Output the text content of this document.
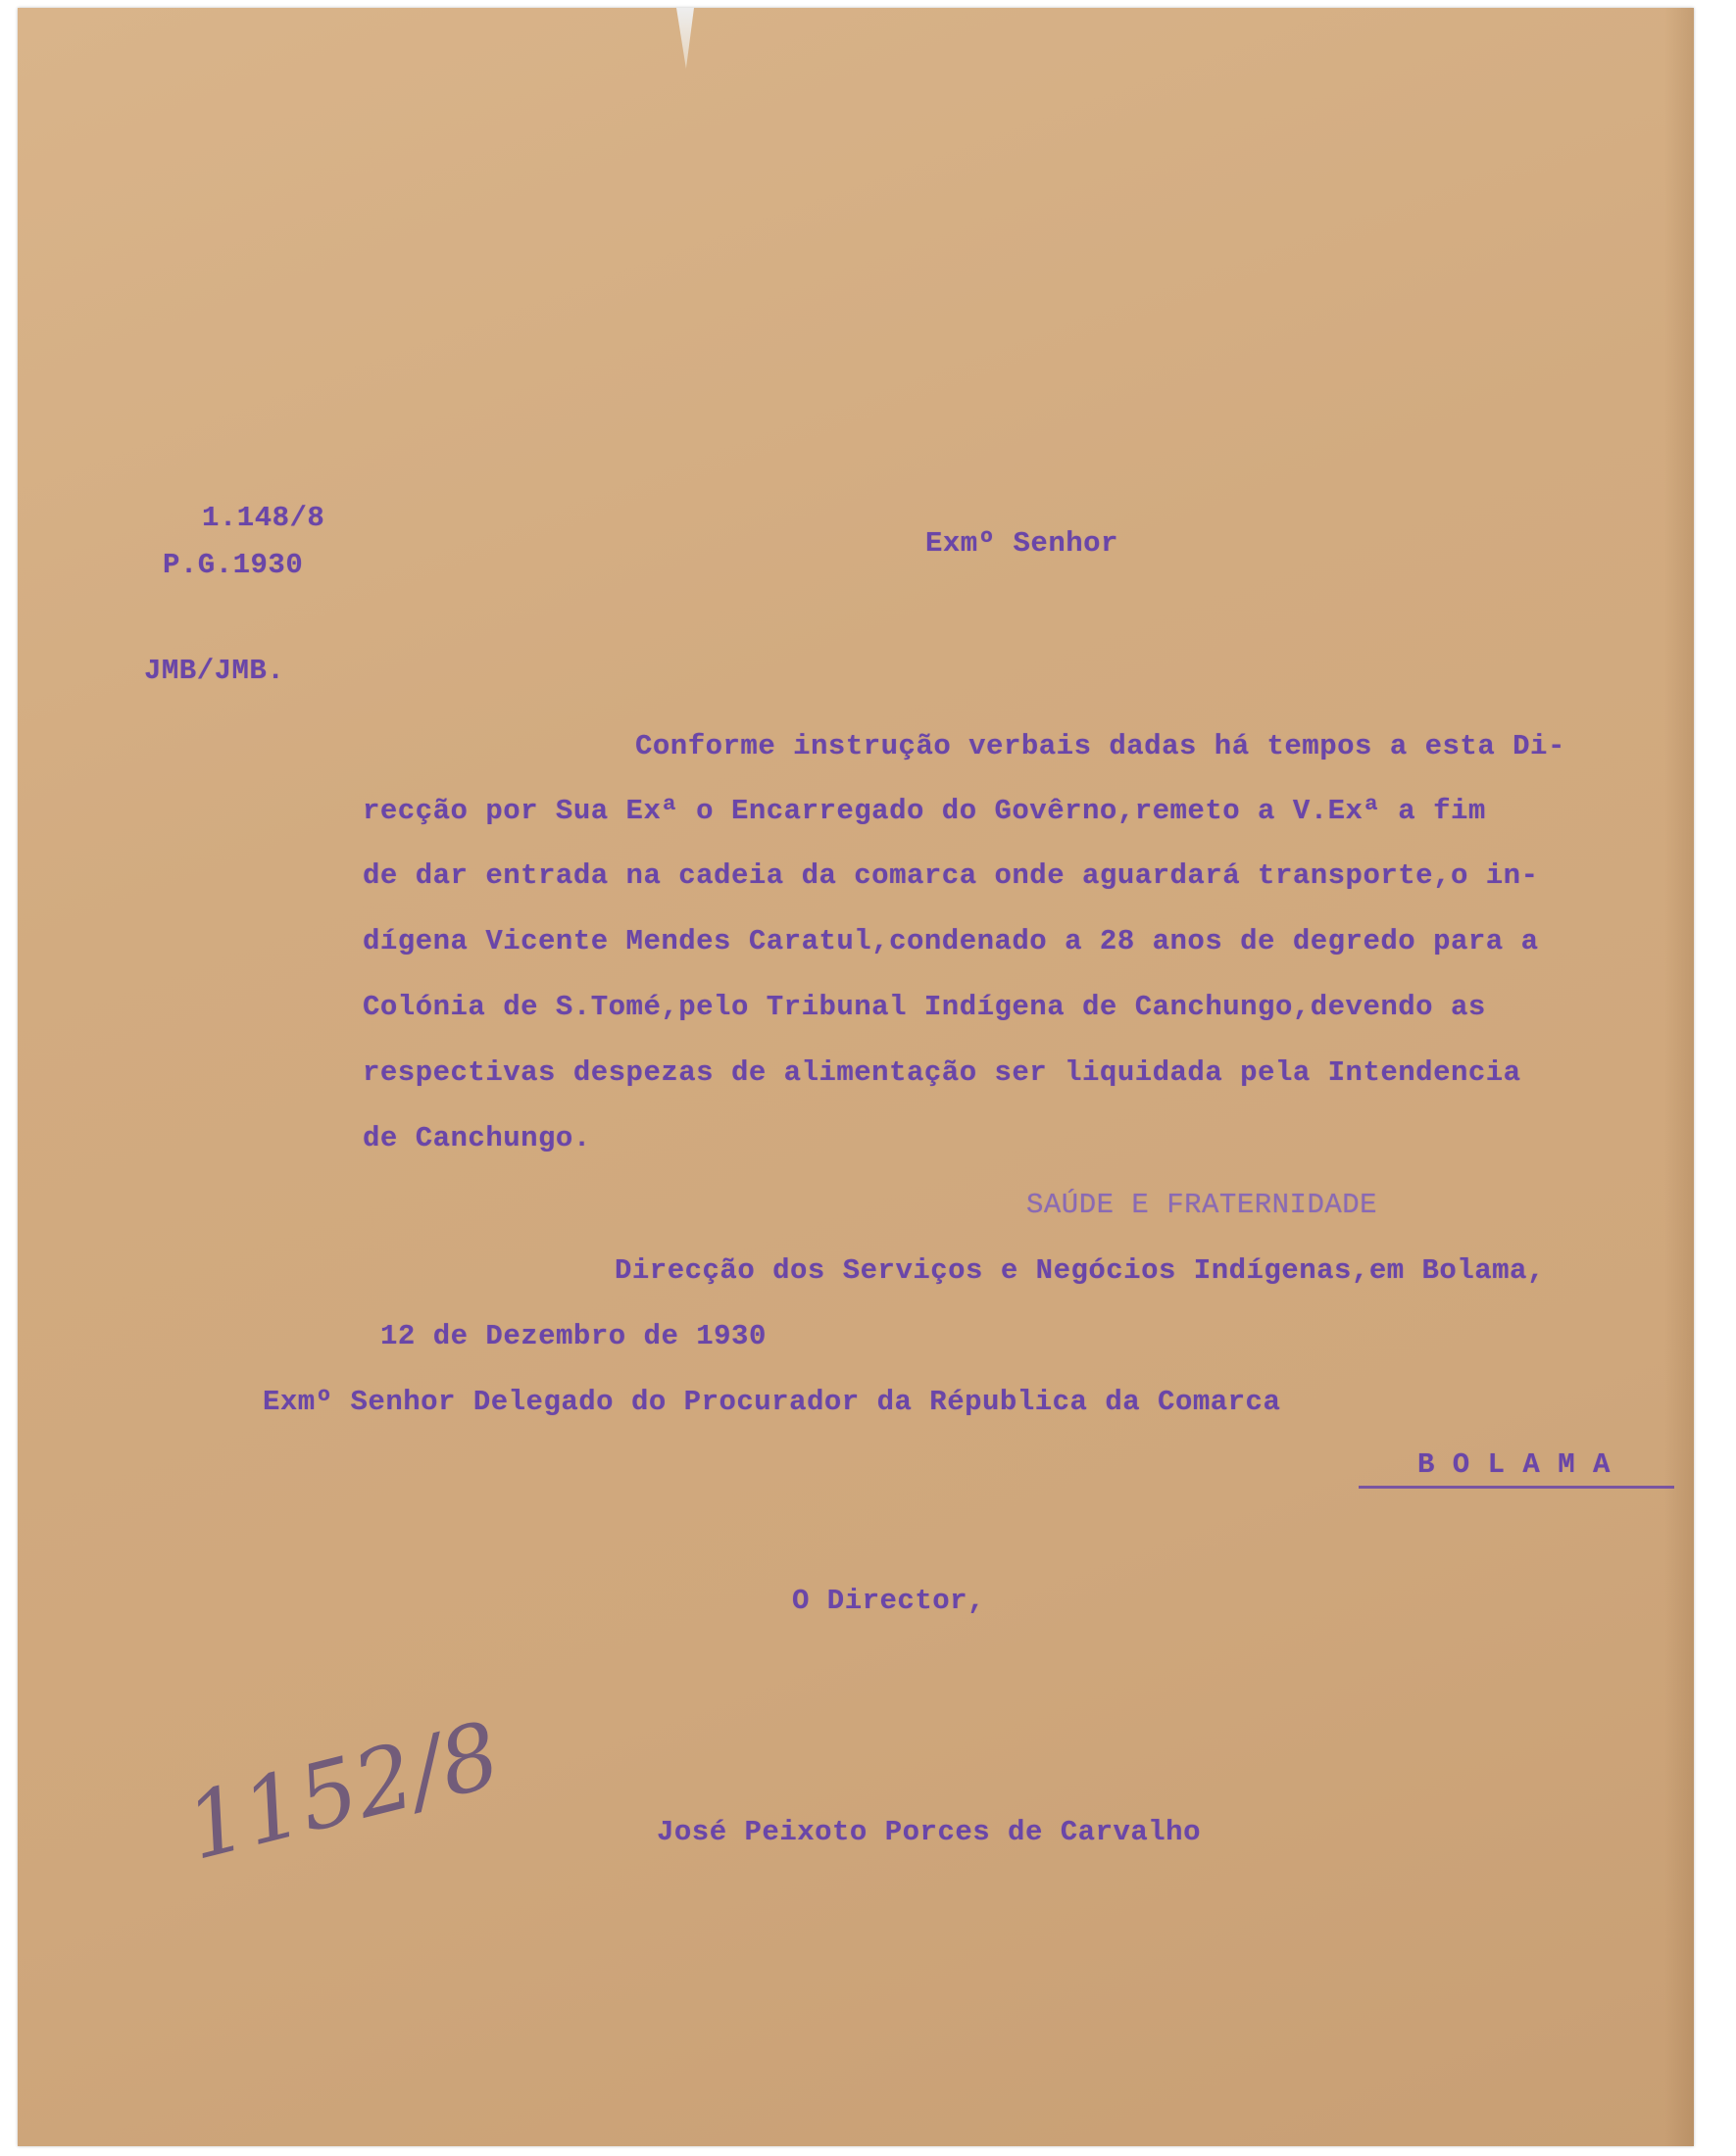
1.148/8
P.G.1930
JMB/JMB.
Exmº Senhor
Conforme instrução verbais dadas há tempos a esta Di-
recção por Sua Exª o Encarregado do Govêrno,remeto a V.Exª a fim
de dar entrada na cadeia da comarca onde aguardará transporte,o in-
dígena Vicente Mendes Caratul,condenado a 28 anos de degredo para a
Colónia de S.Tomé,pelo Tribunal Indígena de Canchungo,devendo as
respectivas despezas de alimentação ser liquidada pela Intendencia
de Canchungo.
SAÚDE E FRATERNIDADE
Direcção dos Serviços e Negócios Indígenas,em Bolama,
12 de Dezembro de 1930
Exmº Senhor Delegado do Procurador da Républica da Comarca
B O L A M A
O Director,
José Peixoto Porces de Carvalho
1152/8
